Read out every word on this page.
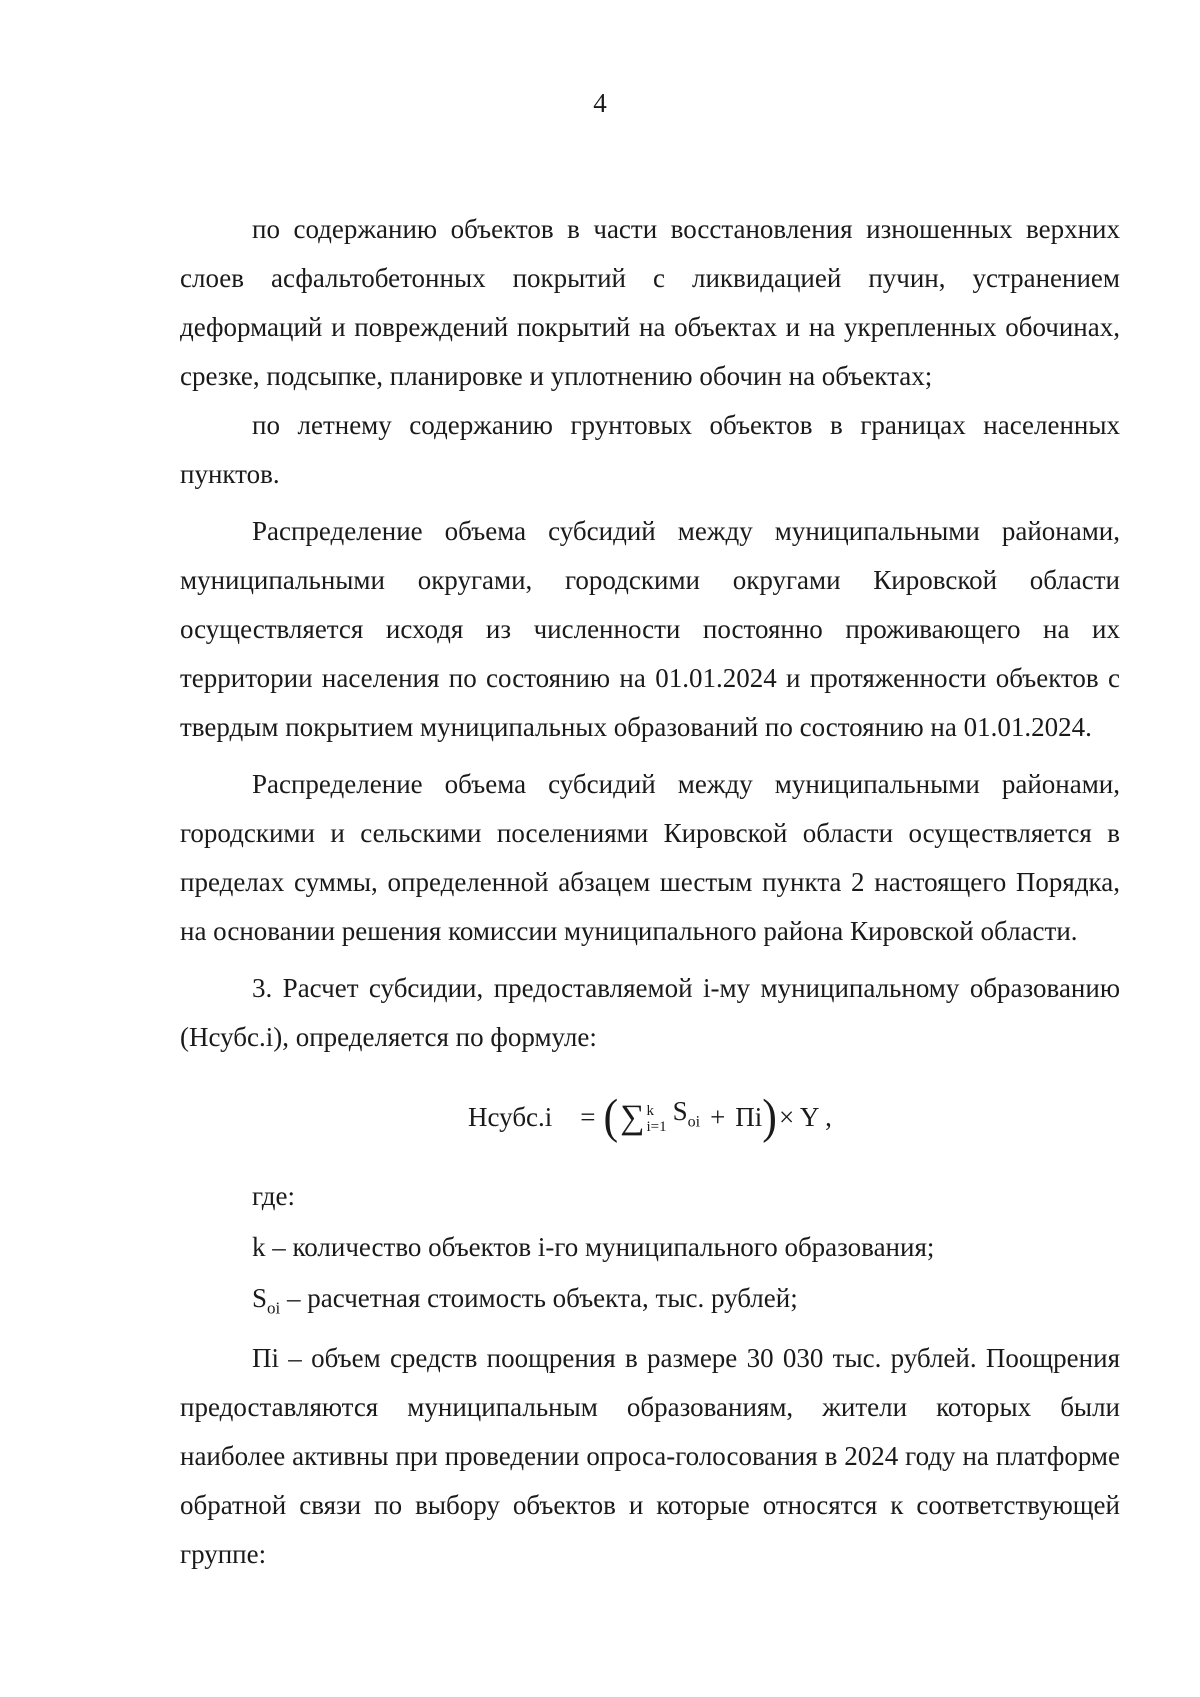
4

по содержанию объектов в части восстановления изношенных верхних слоев асфальтобетонных покрытий с ликвидацией пучин, устранением деформаций и повреждений покрытий на объектах и на укрепленных обочинах, срезке, подсыпке, планировке и уплотнению обочин на объектах;

по летнему содержанию грунтовых объектов в границах населенных пунктов.

Распределение объема субсидий между муниципальными районами, муниципальными округами, городскими округами Кировской области осуществляется исходя из численности постоянно проживающего на их территории населения по состоянию на 01.01.2024 и протяженности объектов с твердым покрытием муниципальных образований по состоянию на 01.01.2024.

Распределение объема субсидий между муниципальными районами, городскими и сельскими поселениями Кировской области осуществляется в пределах суммы, определенной абзацем шестым пункта 2 настоящего Порядка, на основании решения комиссии муниципального района Кировской области.

3. Расчет субсидии, предоставляемой i-му муниципальному образованию (Нсубс.i), определяется по формуле:

Нсубс.i = ( ∑ k
i=1
$S_{oi}$ + Пi ) × Y ,

где:

k – количество объектов i-го муниципального образования;

$S_{oi}$ – расчетная стоимость объекта, тыс. рублей;

Пi – объем средств поощрения в размере 30 030 тыс. рублей. Поощрения предоставляются муниципальным образованиям, жители которых были наиболее активны при проведении опроса-голосования в 2024 году на платформе обратной связи по выбору объектов и которые относятся к соответствующей группе:
